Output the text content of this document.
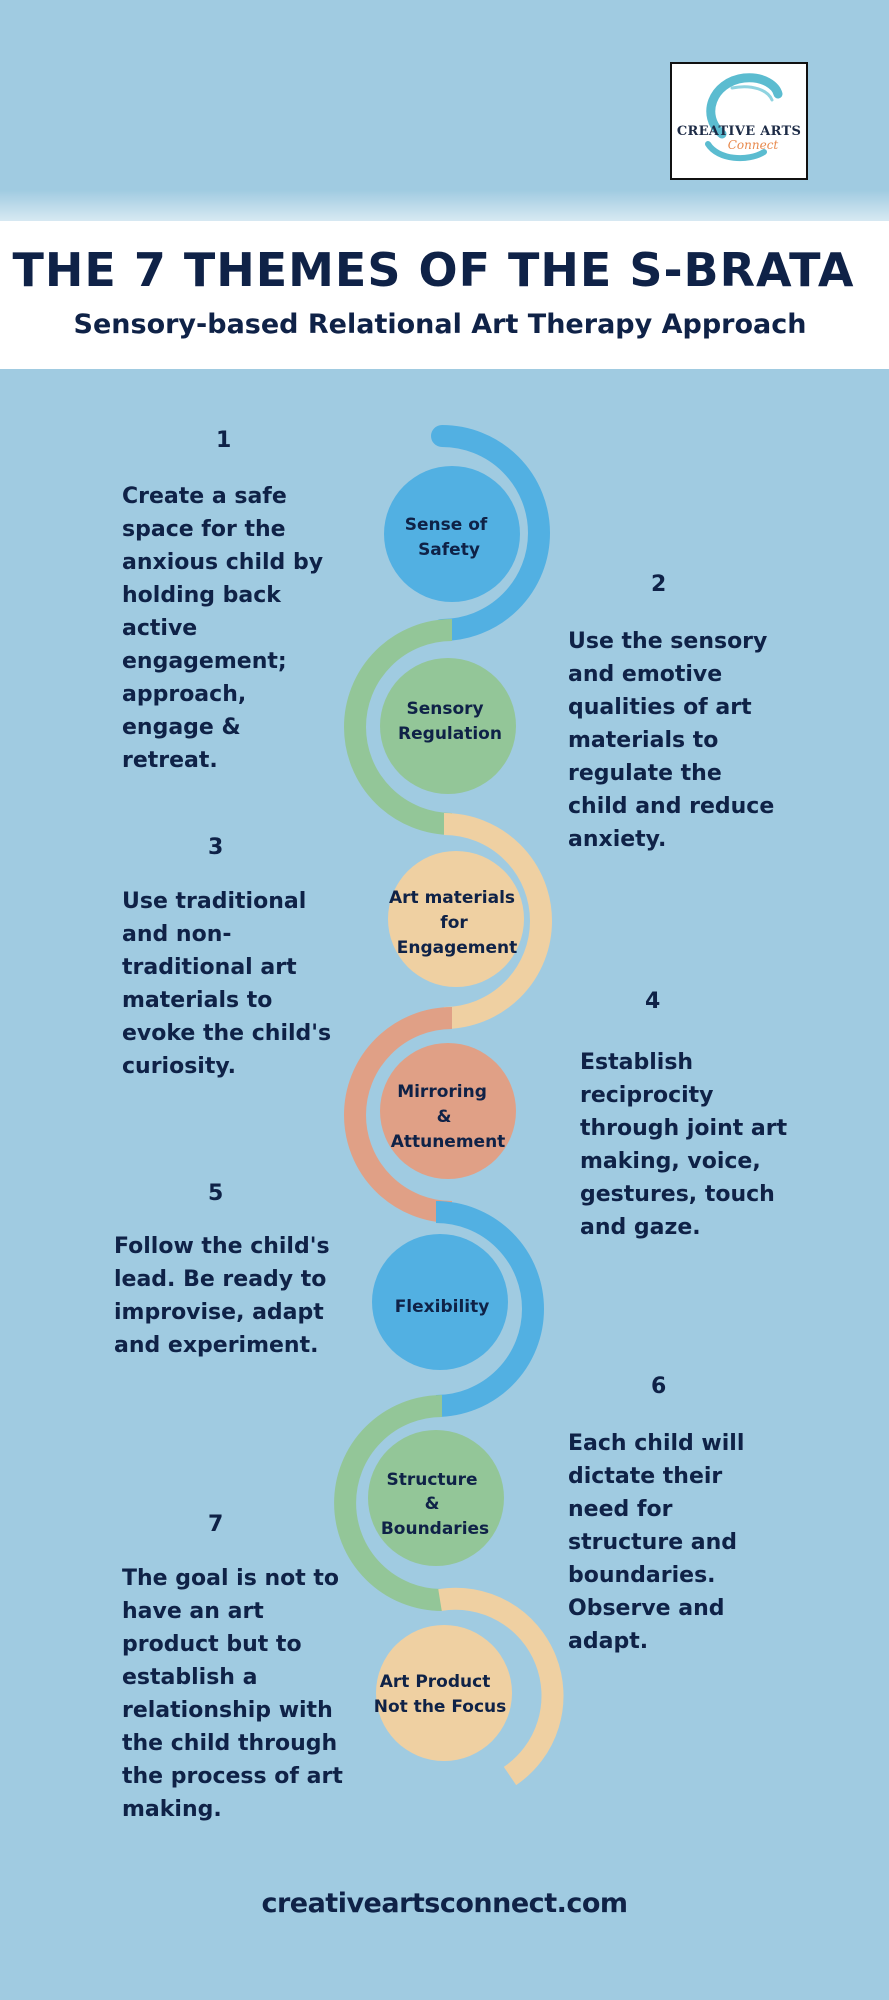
CREATIVE ARTS
Connect
THE 7 THEMES OF THE S-BRATA
Sensory-based Relational Art Therapy Approach
Sense of Safety
Sensory Regulation
Art materials for Engagement
Mirroring & Attunement
Flexibility
Structure & Boundaries
Art Product Not the Focus
1
2
3
4
5
6
7

Create a safe space for the anxious child by holding back active engagement; approach, engage & retreat.

Use the sensory and emotive qualities of art materials to regulate the child and reduce anxiety.

Use traditional and non-traditional art materials to evoke the child's curiosity.	Establish reciprocity through joint art making, voice, gestures, touch and gaze.

Follow the child's lead. Be ready to improvise, adapt and experiment.

Each child will dictate their need for structure and boundaries. Observe and adapt.

The goal is not to have an art product but to establish a relationship with the child through the process of art making.

creativeartsconnect.com
